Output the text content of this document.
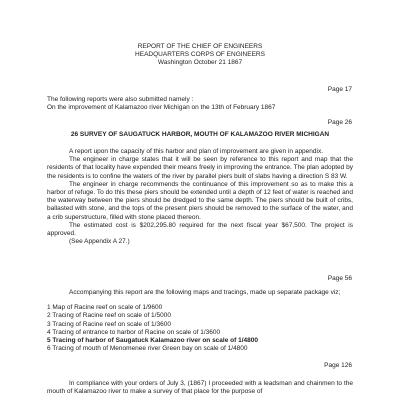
REPORT OF THE CHIEF OF ENGINEERS
HEADQUARTERS CORPS OF ENGINEERS
Washington October 21 1867
Page 17
The following reports were also submitted namely :
On the improvement of Kalamazoo river Michigan on the 13th of February 1867
Page 26
26 SURVEY OF SAUGATUCK HARBOR, MOUTH OF KALAMAZOO RIVER MICHIGAN

A report upon the capacity of this harbor and plan of improvement are given in appendix.

The engineer in charge states that it will be seen by reference to this report and map that the residents of that locality have expended their means freely in improving the entrance. The plan adopted by the residents is to confine the waters of the river by parallel piers built of slabs having a direction S 83 W.

The engineer in charge recommends the continuance of this improvement so as to make this a harbor of refuge. To do this these piers should be extended until a depth of 12 feet of water is reached and the waterway between the piers should be dredged to the same depth. The piers should be built of cribs, ballasted with stone, and the tops of the present piers should be removed to the surface of the water, and a crib superstructure, filled with stone placed thereon.

The estimated cost is $202,295.80 required for the next fiscal year $67,500. The project is approved.

(See Appendix A 27.)
Page 56

Accompanying this report are the following maps and tracings, made up separate package viz;

1 Map of Racine reef on scale of 1/9600
2 Tracing of Racine reef on scale of 1/5000
3 Tracing of Racine reef on scale of 1/3600
4 Tracing of entrance to harbor of Racine on scale of 1/3600
5 Tracing of harbor of Saugatuck Kalamazoo river on scale of 1/4800
6 Tracing of mouth of Menomenee river Green bay on scale of 1/4800
Page 126

In compliance with your orders of July 3, (1867) I proceeded with a leadsman and chainmen to the mouth of Kalamazoo river to make a survey of that place for the purpose of
